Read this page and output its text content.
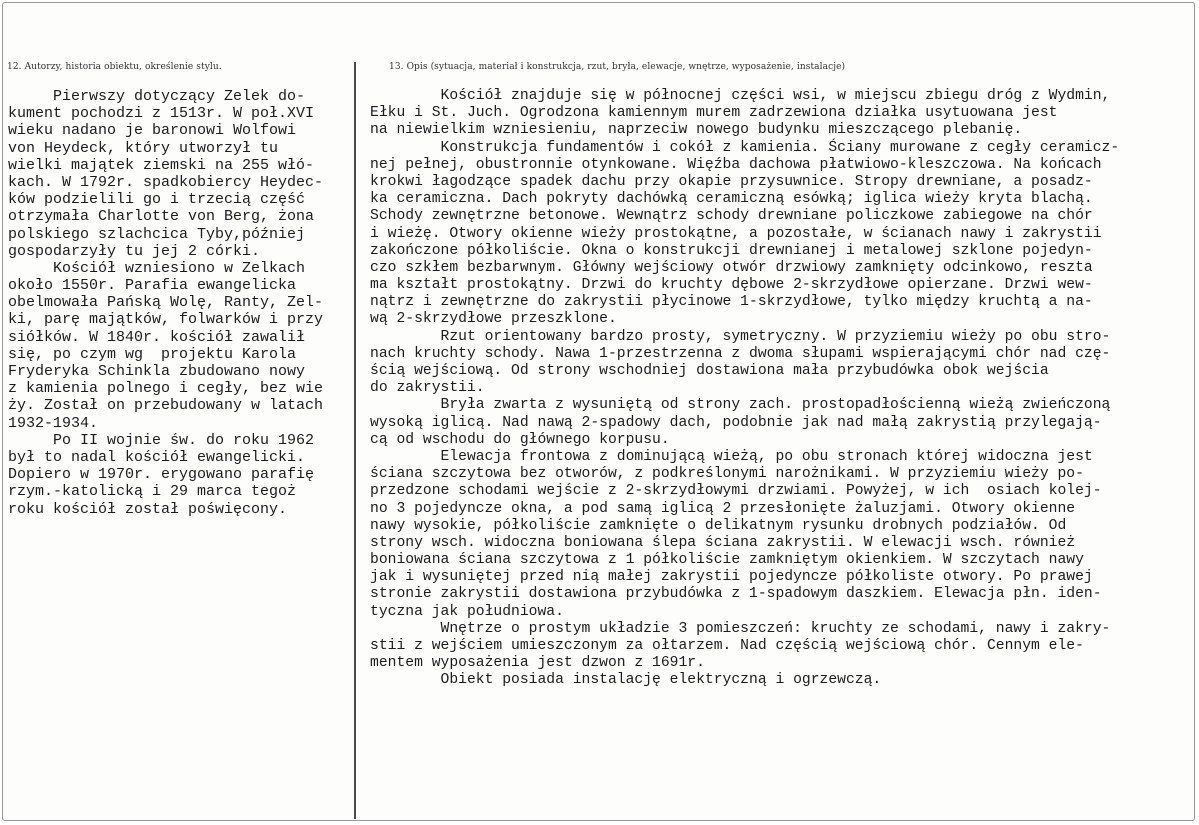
12. Autorzy, historia obiektu, określenie stylu.	13. Opis (sytuacja, materiał i konstrukcja, rzut, bryła, elewacje, wnętrze, wyposażenie, instalacje)
Pierwszy dotyczący Zelek do-
kument pochodzi z 1513r. W poł.XVI
wieku nadano je baronowi Wolfowi
von Heydeck, który utworzył tu
wielki majątek ziemski na 255 włó-
kach. W 1792r. spadkobiercy Heydec-
ków podzielili go i trzecią część
otrzymała Charlotte von Berg, żona
polskiego szlachcica Tyby,później
gospodarzyły tu jej 2 córki.
Kościół wzniesiono w Zelkach
około 1550r. Parafia ewangelicka
obelmowała Pańską Wolę, Ranty, Zel-
ki, parę majątków, folwarków i przy
siółków. W 1840r. kościół zawalił
się, po czym wg  projektu Karola
Fryderyka Schinkla zbudowano nowy
z kamienia polnego i cegły, bez wie
ży. Został on przebudowany w latach
1932-1934.
Po II wojnie św. do roku 1962
był to nadal kościół ewangelicki.
Dopiero w 1970r. erygowano parafię
rzym.-katolicką i 29 marca tegoż
roku kościół został poświęcony.
Kościół znajduje się w północnej części wsi, w miejscu zbiegu dróg z Wydmin,
Ełku i St. Juch. Ogrodzona kamiennym murem zadrzewiona działka usytuowana jest
na niewielkim wzniesieniu, naprzeciw nowego budynku mieszczącego plebanię.
Konstrukcja fundamentów i cokół z kamienia. Ściany murowane z cegły ceramicz-
nej pełnej, obustronnie otynkowane. Więźba dachowa płatwiowo-kleszczowa. Na końcach
krokwi łagodzące spadek dachu przy okapie przysuwnice. Stropy drewniane, a posadz-
ka ceramiczna. Dach pokryty dachówką ceramiczną esówką; iglica wieży kryta blachą.
Schody zewnętrzne betonowe. Wewnątrz schody drewniane policzkowe zabiegowe na chór
i wieżę. Otwory okienne wieży prostokątne, a pozostałe, w ścianach nawy i zakrystii
zakończone półkoliście. Okna o konstrukcji drewnianej i metalowej szklone pojedyn-
czo szkłem bezbarwnym. Główny wejściowy otwór drzwiowy zamknięty odcinkowo, reszta
ma kształt prostokątny. Drzwi do kruchty dębowe 2-skrzydłowe opierzane. Drzwi wew-
nątrz i zewnętrzne do zakrystii płycinowe 1-skrzydłowe, tylko między kruchtą a na-
wą 2-skrzydłowe przeszklone.
Rzut orientowany bardzo prosty, symetryczny. W przyziemiu wieży po obu stro-
nach kruchty schody. Nawa 1-przestrzenna z dwoma słupami wspierającymi chór nad czę-
ścią wejściową. Od strony wschodniej dostawiona mała przybudówka obok wejścia
do zakrystii.
Bryła zwarta z wysuniętą od strony zach. prostopadłościenną wieżą zwieńczoną
wysoką iglicą. Nad nawą 2-spadowy dach, podobnie jak nad małą zakrystią przylegają-
cą od wschodu do głównego korpusu.
Elewacja frontowa z dominującą wieżą, po obu stronach której widoczna jest
ściana szczytowa bez otworów, z podkreślonymi narożnikami. W przyziemiu wieży po-
przedzone schodami wejście z 2-skrzydłowymi drzwiami. Powyżej, w ich  osiach kolej-
no 3 pojedyncze okna, a pod samą iglicą 2 przesłonięte żaluzjami. Otwory okienne
nawy wysokie, półkoliście zamknięte o delikatnym rysunku drobnych podziałów. Od
strony wsch. widoczna boniowana ślepa ściana zakrystii. W elewacji wsch. również
boniowana ściana szczytowa z 1 półkoliście zamkniętym okienkiem. W szczytach nawy
jak i wysuniętej przed nią małej zakrystii pojedyncze półkoliste otwory. Po prawej
stronie zakrystii dostawiona przybudówka z 1-spadowym daszkiem. Elewacja płn. iden-
tyczna jak południowa.
Wnętrze o prostym układzie 3 pomieszczeń: kruchty ze schodami, nawy i zakry-
stii z wejściem umieszczonym za ołtarzem. Nad częścią wejściową chór. Cennym ele-
mentem wyposażenia jest dzwon z 1691r.
Obiekt posiada instalację elektryczną i ogrzewczą.
